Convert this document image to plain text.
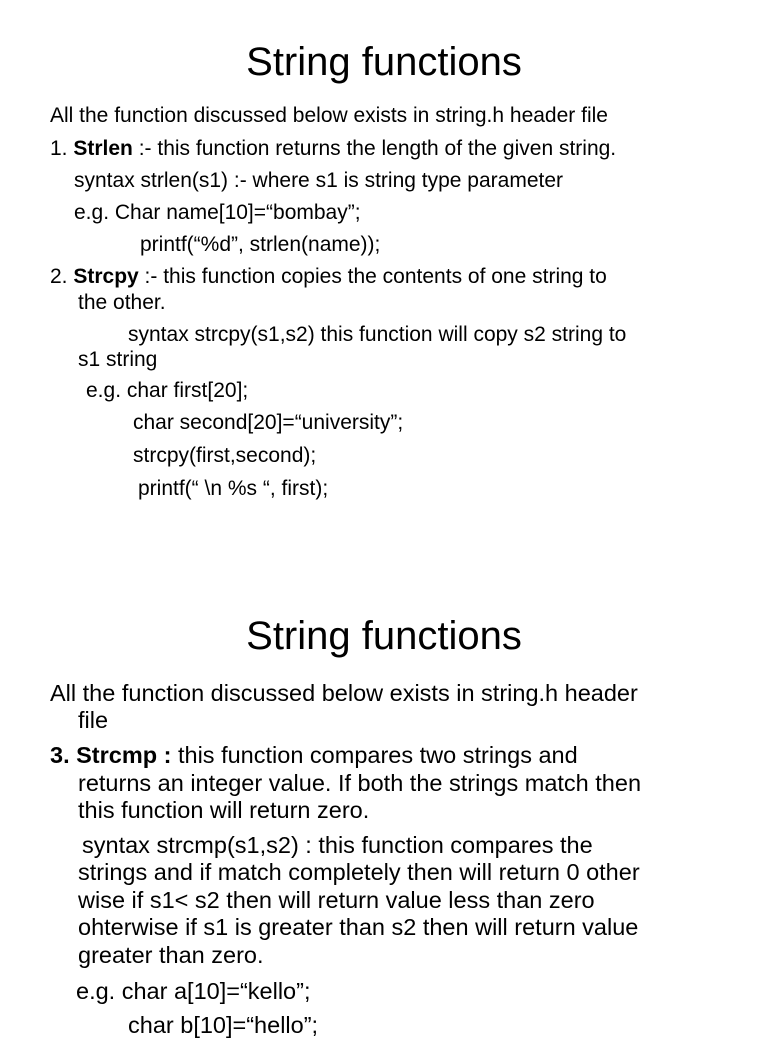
String functions

All the function discussed below exists in string.h header file

1. Strlen :- this function returns the length of the given string.

syntax strlen(s1) :- where s1 is string type parameter

e.g. Char name[10]=“bombay”;

printf(“%d”, strlen(name));

2. Strcpy :- this function copies the contents of one string to

the other.

syntax strcpy(s1,s2) this function will copy s2 string to

s1 string

e.g. char first[20];

char second[20]=“university”;

strcpy(first,second);

printf(“ \n %s “, first);

String functions

All the function discussed below exists in string.h header

file

3. Strcmp : this function compares two strings and

returns an integer value. If both the strings match then

this function will return zero.

syntax strcmp(s1,s2) : this function compares the

strings and if match completely then will return 0 other

wise if s1< s2 then will return value less than zero

ohterwise if s1 is greater than s2 then will return value

greater than zero.

e.g. char a[10]=“kello”;

char b[10]=“hello”;
